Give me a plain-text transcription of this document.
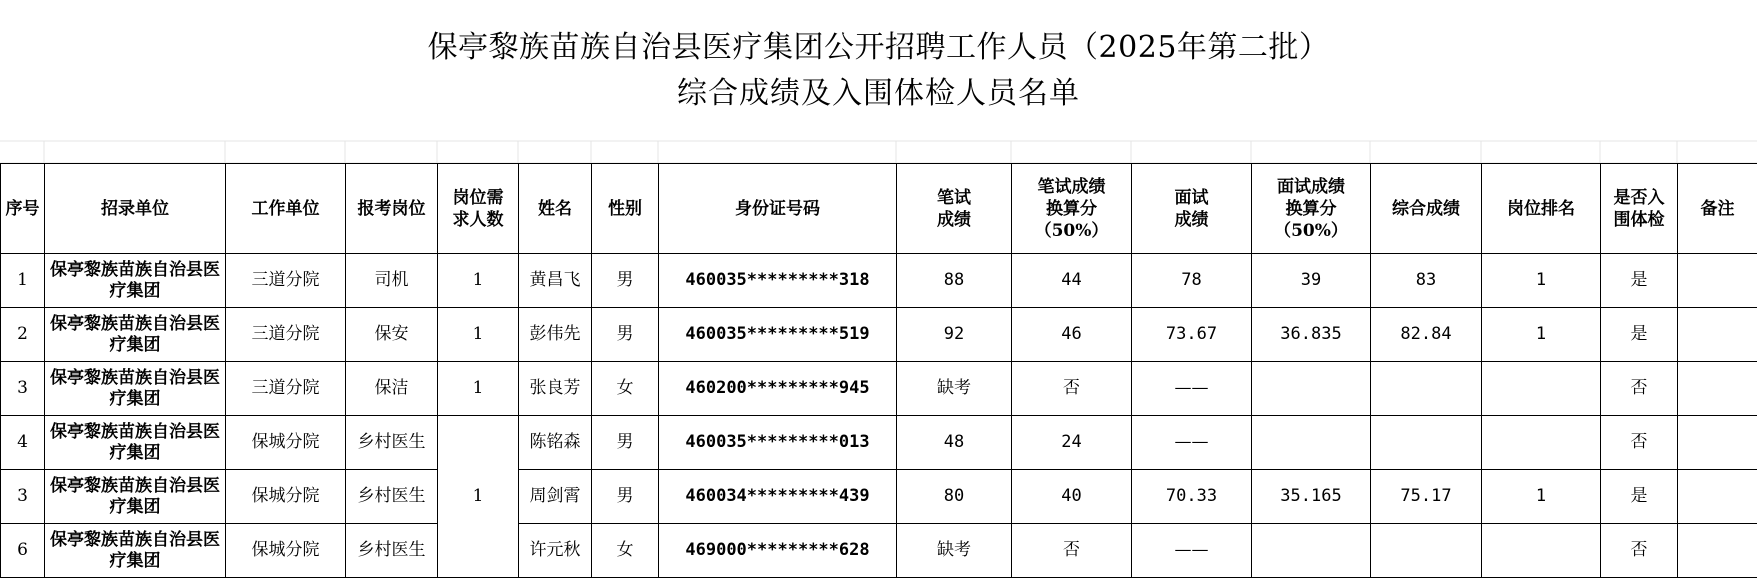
保亭黎族苗族自治县医疗集团公开招聘工作人员（2025年第二批）
综合成绩及入围体检人员名单
序号	招录单位	工作单位	报考岗位	岗位需
求人数	姓名	性别	身份证号码	笔试
成绩	笔试成绩
换算分
（50%）	面试
成绩	面试成绩
换算分
（50%）	综合成绩	岗位排名	是否入
围体检	备注
1	保亭黎族苗族自治县医疗集团	三道分院	司机	1	黄昌飞	男	460035*********318	88	44	78	39	83	1	是	
2	保亭黎族苗族自治县医疗集团	三道分院	保安	1	彭伟先	男	460035*********519	92	46	73.67	36.835	82.84	1	是	
3	保亭黎族苗族自治县医疗集团	三道分院	保洁	1	张良芳	女	460200*********945	缺考	否	——				否	
4	保亭黎族苗族自治县医疗集团	保城分院	乡村医生	1	陈铭森	男	460035*********013	48	24	——				否	
3	保亭黎族苗族自治县医疗集团	保城分院	乡村医生		周剑霄	男	460034*********439	80	40	70.33	35.165	75.17	1	是	
6	保亭黎族苗族自治县医疗集团	保城分院	乡村医生		许元秋	女	469000*********628	缺考	否	——				否	
